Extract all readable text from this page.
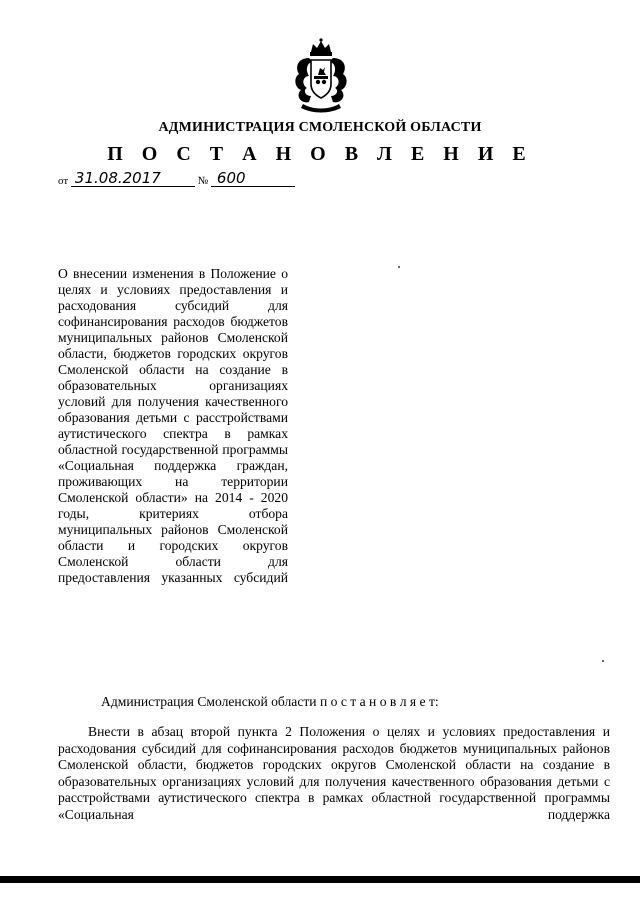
АДМИНИСТРАЦИЯ СМОЛЕНСКОЙ ОБЛАСТИ
П О С Т А Н О В Л Е Н И Е
от 31.08.2017	№ 600
О внесении изменения в Положение о целях и условиях предоставления и расходования субсидий для софинансирования расходов бюджетов муниципальных районов Смоленской области, бюджетов городских округов Смоленской области на создание в образовательных организациях условий для получения качественного образования детьми с расстройствами аутистического спектра в рамках областной государственной программы «Социальная поддержка граждан, проживающих на территории Смоленской области» на 2014 - 2020 годы, критериях отбора муниципальных районов Смоленской области и городских округов Смоленской области для предоставления указанных субсидий
Администрация Смоленской области п о с т а н о в л я е т:
Внести в абзац второй пункта 2 Положения о целях и условиях предоставления и расходования субсидий для софинансирования расходов бюджетов муниципальных районов Смоленской области, бюджетов городских округов Смоленской области на создание в образовательных организациях условий для получения качественного образования детьми с расстройствами аутистического спектра в рамках областной государственной программы «Социальная поддержка
